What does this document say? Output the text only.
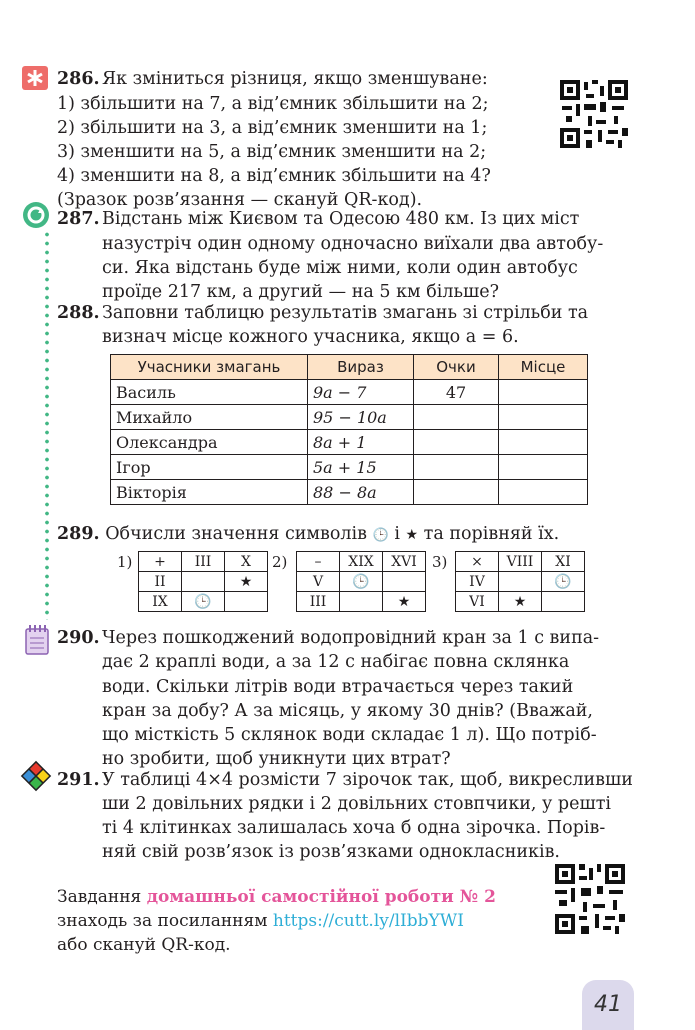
286. Як зміниться різниця, якщо зменшуване:
1) збільшити на 7, а від’ємник збільшити на 2;
2) збільшити на 3, а від’ємник зменшити на 1;
3) зменшити на 5, а від’ємник зменшити на 2;
4) зменшити на 8, а від’ємник збільшити на 4?
(Зразок розв’язання — скануй QR-код).
287. Відстань між Києвом та Одесою 480 км. Із цих міст
назустріч один одному одночасно виїхали два автобу-
си. Яка відстань буде між ними, коли один автобус
проїде 217 км, а другий — на 5 км більше?
288. Заповни таблицю результатів змагань зі стрільби та
визнач місце кожного учасника, якщо a = 6.
Учасники змагань	Вираз	Очки	Місце
Василь	9a − 7	47	
Михайло	95 − 10a		
Олександра	8a + 1		
Ігор	5a + 15		
Вікторія	88 − 8a		
289. Обчисли значення символів 🕒 і ★ та порівняй їх.
1) +	III	X
II		★
IX	🕒	
2) –	XIX	XVI
V	🕒	
III		★
3) ×	VIII	XI
IV		🕒
VI	★	
290. Через пошкоджений водопровідний кран за 1 с випа-
дає 2 краплі води, а за 12 с набігає повна склянка
води. Скільки літрів води втрачається через такий
кран за добу? А за місяць, у якому 30 днів? (Вважай,
що місткість 5 склянок води складає 1 л). Що потріб-
но зробити, щоб уникнути цих втрат?
291. У таблиці 4×4 розмісти 7 зірочок так, щоб, викресливши
ши 2 довільних рядки і 2 довільних стовпчики, у решті
ті 4 клітинках залишалась хоча б одна зірочка. Порів-
няй свій розв’язок із розв’язками однокласників.
Завдання домашньої самостійної роботи № 2
знаходь за посиланням https://cutt.ly/lIbbYWI
або скануй QR-код.
41
